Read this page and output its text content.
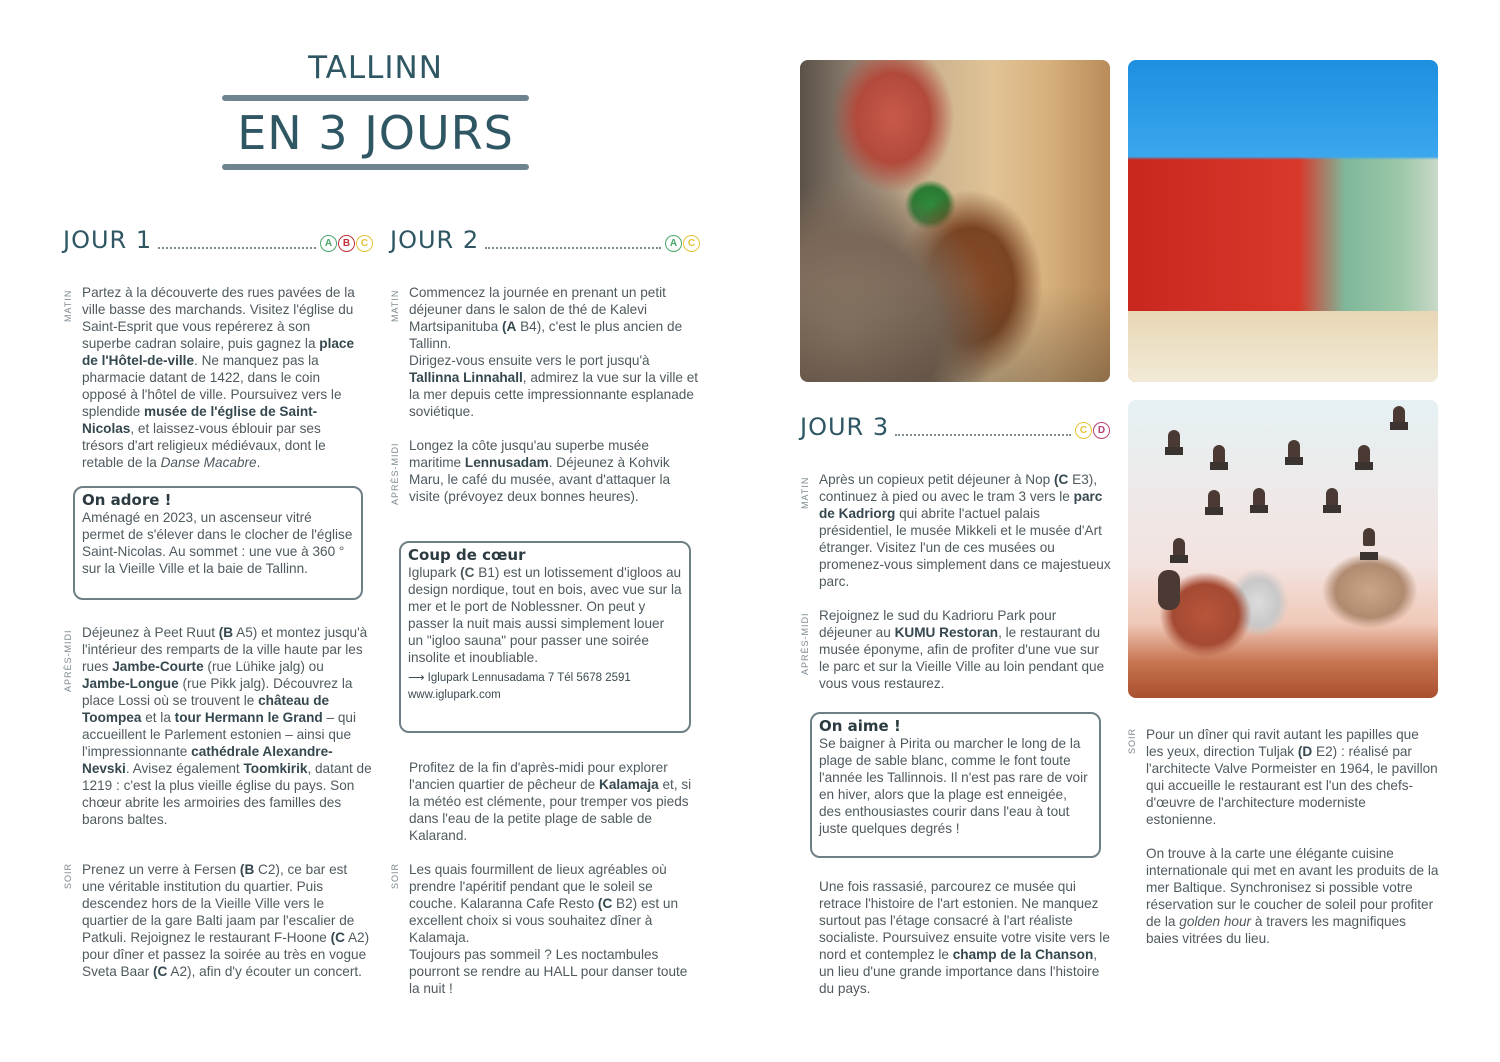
TALLINN
EN 3 JOURS
JOUR 1	A	B	C
MATIN Partez à la découverte des rues pavées de la ville basse des marchands. Visitez l'église du Saint-Esprit que vous repérerez à son superbe cadran solaire, puis gagnez la place de l'Hôtel-de-ville. Ne manquez pas la pharmacie datant de 1422, dans le coin opposé à l'hôtel de ville. Poursuivez vers le splendide musée de l'église de Saint-Nicolas, et laissez-vous éblouir par ses trésors d'art religieux médiévaux, dont le retable de la Danse Macabre.
On adore !
Aménagé en 2023, un ascenseur vitré permet de s'élever dans le clocher de l'église Saint-Nicolas. Au sommet : une vue à 360 ° sur la Vieille Ville et la baie de Tallinn.
APRÈS-MIDI Déjeunez à Peet Ruut (B A5) et montez jusqu'à l'intérieur des remparts de la ville haute par les rues Jambe-Courte (rue Lühike jalg) ou Jambe-Longue (rue Pikk jalg). Découvrez la place Lossi où se trouvent le château de Toompea et la tour Hermann le Grand – qui accueillent le Parlement estonien – ainsi que l'impressionnante cathédrale Alexandre-Nevski. Avisez également Toomkirik, datant de 1219 : c'est la plus vieille église du pays. Son chœur abrite les armoiries des familles des barons baltes.
SOIR Prenez un verre à Fersen (B C2), ce bar est une véritable institution du quartier. Puis descendez hors de la Vieille Ville vers le quartier de la gare Balti jaam par l'escalier de Patkuli. Rejoignez le restaurant F-Hoone (C A2) pour dîner et passez la soirée au très en vogue Sveta Baar (C A2), afin d'y écouter un concert.
JOUR 2	A	C
MATIN Commencez la journée en prenant un petit déjeuner dans le salon de thé de Kalevi Martsipanituba (A B4), c'est le plus ancien de Tallinn.
Dirigez-vous ensuite vers le port jusqu'à Tallinna Linnahall, admirez la vue sur la ville et la mer depuis cette impressionnante esplanade soviétique.
APRÈS-MIDI Longez la côte jusqu'au superbe musée maritime Lennusadam. Déjeunez à Kohvik Maru, le café du musée, avant d'attaquer la visite (prévoyez deux bonnes heures).
Coup de cœur
Iglupark (C B1) est un lotissement d'igloos au design nordique, tout en bois, avec vue sur la mer et le port de Noblessner. On peut y passer la nuit mais aussi simplement louer un "igloo sauna" pour passer une soirée insolite et inoubliable.
⟶ Iglupark Lennusadama 7 Tél 5678 2591
www.iglupark.com
Profitez de la fin d'après-midi pour explorer l'ancien quartier de pêcheur de Kalamaja et, si la météo est clémente, pour tremper vos pieds dans l'eau de la petite plage de sable de Kalarand.
SOIR Les quais fourmillent de lieux agréables où prendre l'apéritif pendant que le soleil se couche. Kalaranna Cafe Resto (C B2) est un excellent choix si vous souhaitez dîner à Kalamaja.
Toujours pas sommeil ? Les noctambules pourront se rendre au HALL pour danser toute la nuit !
JOUR 3	C	D
MATIN Après un copieux petit déjeuner à Nop (C E3), continuez à pied ou avec le tram 3 vers le parc de Kadriorg qui abrite l'actuel palais présidentiel, le musée Mikkeli et le musée d'Art étranger. Visitez l'un de ces musées ou promenez-vous simplement dans ce majestueux parc.
APRÈS-MIDI Rejoignez le sud du Kadrioru Park pour déjeuner au KUMU Restoran, le restaurant du musée éponyme, afin de profiter d'une vue sur le parc et sur la Vieille Ville au loin pendant que vous vous restaurez.
On aime !
Se baigner à Pirita ou marcher le long de la plage de sable blanc, comme le font toute l'année les Tallinnois. Il n'est pas rare de voir en hiver, alors que la plage est enneigée, des enthousiastes courir dans l'eau à tout juste quelques degrés !
Une fois rassasié, parcourez ce musée qui retrace l'histoire de l'art estonien. Ne manquez surtout pas l'étage consacré à l'art réaliste socialiste. Poursuivez ensuite votre visite vers le nord et contemplez le champ de la Chanson, un lieu d'une grande importance dans l'histoire du pays.
SOIR Pour un dîner qui ravit autant les papilles que les yeux, direction Tuljak (D E2) : réalisé par l'architecte Valve Pormeister en 1964, le pavillon qui accueille le restaurant est l'un des chefs-d'œuvre de l'architecture moderniste estonienne.

On trouve à la carte une élégante cuisine internationale qui met en avant les produits de la mer Baltique. Synchronisez si possible votre réservation sur le coucher de soleil pour profiter de la golden hour à travers les magnifiques baies vitrées du lieu.
